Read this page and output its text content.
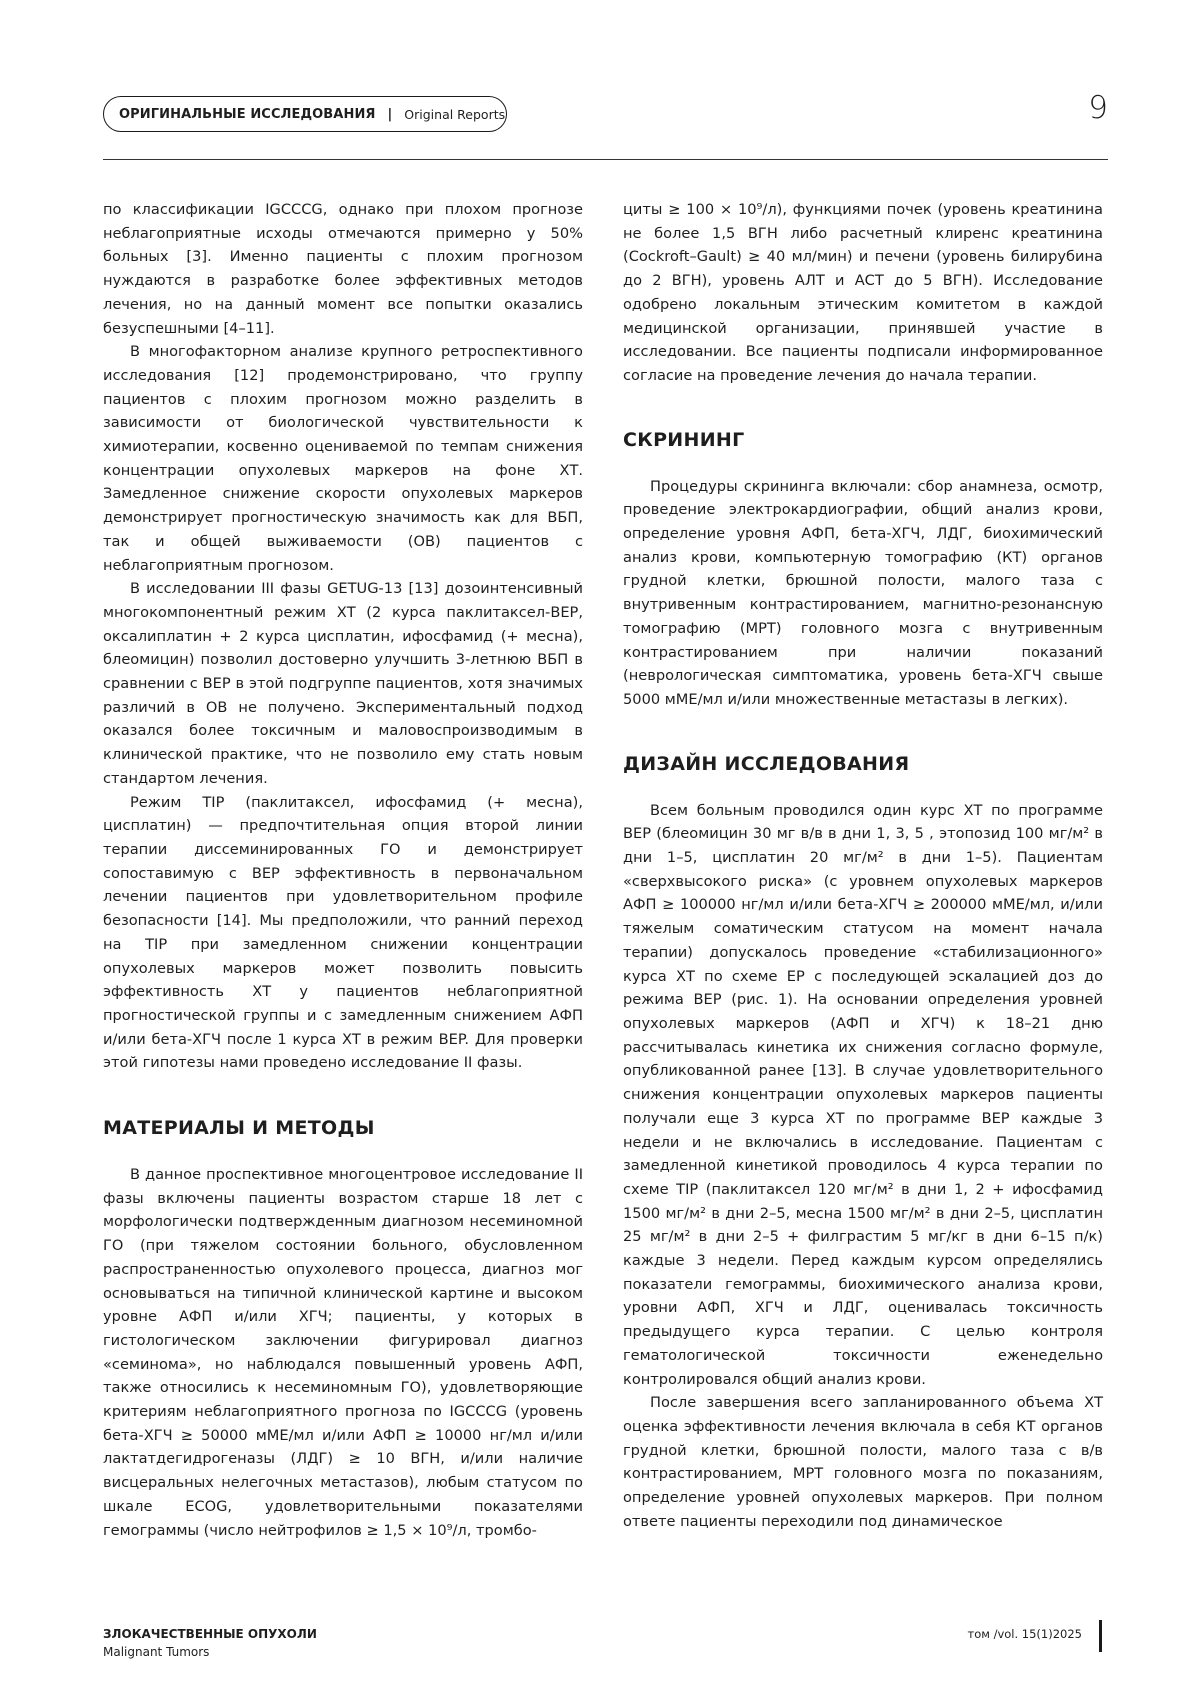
ОРИГИНАЛЬНЫЕ ИССЛЕДОВАНИЯ | Original Reports	9

по классификации IGCCCG, однако при плохом прогнозе неблагоприятные исходы отмечаются примерно у 50% больных [3]. Именно пациенты с плохим прогнозом нуждаются в разработке более эффективных методов лечения, но на данный момент все попытки оказались безуспешными [4–11].

В многофакторном анализе крупного ретроспективного исследования [12] продемонстрировано, что группу пациентов с плохим прогнозом можно разделить в зависимости от биологической чувствительности к химиотерапии, косвенно оцениваемой по темпам снижения концентрации опухолевых маркеров на фоне ХТ. Замедленное снижение скорости опухолевых маркеров демонстрирует прогностическую значимость как для ВБП, так и общей выживаемости (ОВ) пациентов с неблагоприятным прогнозом.

В исследовании III фазы GETUG-13 [13] дозоинтенсивный многокомпонентный режим ХТ (2 курса паклитаксел-BEP, оксалиплатин + 2 курса цисплатин, ифосфамид (+ месна), блеомицин) позволил достоверно улучшить 3-летнюю ВБП в сравнении с BEP в этой подгруппе пациентов, хотя значимых различий в ОВ не получено. Экспериментальный подход оказался более токсичным и маловоспроизводимым в клинической практике, что не позволило ему стать новым стандартом лечения.

Режим TIP (паклитаксел, ифосфамид (+ месна), цисплатин) — предпочтительная опция второй линии терапии диссеминированных ГО и демонстрирует сопоставимую с BEP эффективность в первоначальном лечении пациентов при удовлетворительном профиле безопасности [14]. Мы предположили, что ранний переход на TIP при замедленном снижении концентрации опухолевых маркеров может позволить повысить эффективность ХТ у пациентов неблагоприятной прогностической группы и с замедленным снижением АФП и/или бета-ХГЧ после 1 курса ХТ в режим BEP. Для проверки этой гипотезы нами проведено исследование II фазы.

МАТЕРИАЛЫ И МЕТОДЫ

В данное проспективное многоцентровое исследование II фазы включены пациенты возрастом старше 18 лет с морфологически подтвержденным диагнозом несеминомной ГО (при тяжелом состоянии больного, обусловленном распространенностью опухолевого процесса, диагноз мог основываться на типичной клинической картине и высоком уровне АФП и/или ХГЧ; пациенты, у которых в гистологическом заключении фигурировал диагноз «семинома», но наблюдался повышенный уровень АФП, также относились к несеминомным ГО), удовлетворяющие критериям неблагоприятного прогноза по IGCCCG (уровень бета-ХГЧ ≥ 50000 мМЕ/мл и/или АФП ≥ 10000 нг/мл и/или лактатдегидрогеназы (ЛДГ) ≥ 10 ВГН, и/или наличие висцеральных нелегочных метастазов), любым статусом по шкале ECOG, удовлетворительными показателями гемограммы (число нейтрофилов ≥ 1,5 × 10⁹/л, тромбо-

циты ≥ 100 × 10⁹/л), функциями почек (уровень креатинина не более 1,5 ВГН либо расчетный клиренс креатинина (Cockroft–Gault) ≥ 40 мл/мин) и печени (уровень билирубина до 2 ВГН), уровень АЛТ и АСТ до 5 ВГН). Исследование одобрено локальным этическим комитетом в каждой медицинской организации, принявшей участие в исследовании. Все пациенты подписали информированное согласие на проведение лечения до начала терапии.

СКРИНИНГ

Процедуры скрининга включали: сбор анамнеза, осмотр, проведение электрокардиографии, общий анализ крови, определение уровня АФП, бета-ХГЧ, ЛДГ, биохимический анализ крови, компьютерную томографию (КТ) органов грудной клетки, брюшной полости, малого таза с внутривенным контрастированием, магнитно-резонансную томографию (МРТ) головного мозга с внутривенным контрастированием при наличии показаний (неврологическая симптоматика, уровень бета-ХГЧ свыше 5000 мМЕ/мл и/или множественные метастазы в легких).

ДИЗАЙН ИССЛЕДОВАНИЯ

Всем больным проводился один курс ХТ по программе BEP (блеомицин 30 мг в/в в дни 1, 3, 5 , этопозид 100 мг/м² в дни 1–5, цисплатин 20 мг/м² в дни 1–5). Пациентам «сверхвысокого риска» (с уровнем опухолевых маркеров АФП ≥ 100000 нг/мл и/или бета-ХГЧ ≥ 200000 мМЕ/мл, и/или тяжелым соматическим статусом на момент начала терапии) допускалось проведение «стабилизационного» курса ХТ по схеме EP с последующей эскалацией доз до режима BEP (рис. 1). На основании определения уровней опухолевых маркеров (АФП и ХГЧ) к 18–21 дню рассчитывалась кинетика их снижения согласно формуле, опубликованной ранее [13]. В случае удовлетворительного снижения концентрации опухолевых маркеров пациенты получали еще 3 курса ХТ по программе BEP каждые 3 недели и не включались в исследование. Пациентам с замедленной кинетикой проводилось 4 курса терапии по схеме TIP (паклитаксел 120 мг/м² в дни 1, 2 + ифосфамид 1500 мг/м² в дни 2–5, месна 1500 мг/м² в дни 2–5, цисплатин 25 мг/м² в дни 2–5 + филграстим 5 мг/кг в дни 6–15 п/к) каждые 3 недели. Перед каждым курсом определялись показатели гемограммы, биохимического анализа крови, уровни АФП, ХГЧ и ЛДГ, оценивалась токсичность предыдущего курса терапии. С целью контроля гематологической токсичности еженедельно контролировался общий анализ крови.

После завершения всего запланированного объема ХТ оценка эффективности лечения включала в себя КТ органов грудной клетки, брюшной полости, малого таза с в/в контрастированием, МРТ головного мозга по показаниям, определение уровней опухолевых маркеров. При полном ответе пациенты переходили под динамическое

ЗЛОКАЧЕСТВЕННЫЕ ОПУХОЛИ
Malignant Tumors
том /vol. 15(1)2025
